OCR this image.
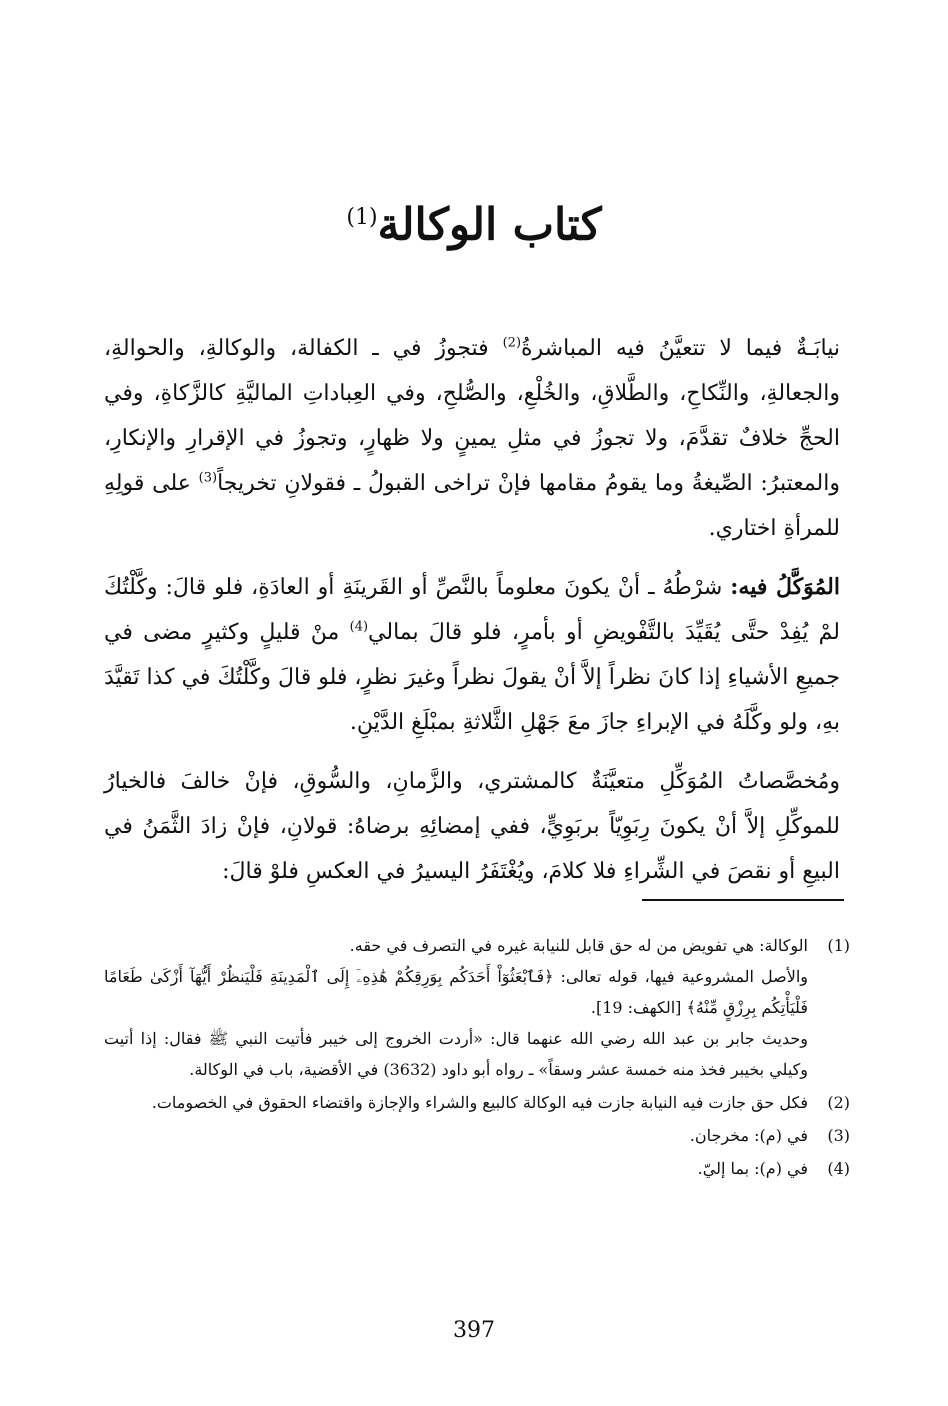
كتاب الوكالة$^{(1)}$

نيابَـةٌ فيما لا تتعيَّنُ فيه المباشرةُ$^{(2)}$ فتجوزُ في ـ الكفالة، والوكالةِ، والحوالةِ، والجعالةِ، والنِّكاحِ، والطَّلاقِ، والخُلْعِ، والصُّلحِ، وفي العِباداتِ الماليَّةِ كالزَّكاةِ، وفي الحجِّ خلافٌ تقدَّمَ، ولا تجوزُ في مثلِ يمينٍ ولا ظهارٍ، وتجوزُ في الإقرارِ والإنكارِ، والمعتبرُ: الصِّيغةُ وما يقومُ مقامها فإنْ تراخى القبولُ ـ فقولانِ تخريجاً$^{(3)}$ على قولِهِ للمرأةِ اختاري.

المُوَكَّلُ فيه: شرْطُهُ ـ أنْ يكونَ معلوماً بالنَّصِّ أو القَرينَةِ أو العادَةِ، فلو قالَ: وكَّلْتُكَ لمْ يُفِدْ حتَّى يُقَيِّدَ بالتَّفْويضِ أو بأمرٍ، فلو قالَ بمالي$^{(4)}$ منْ قليلٍ وكثيرٍ مضى في جميعِ الأشياءِ إذا كانَ نظراً إلاَّ أنْ يقولَ نظراً وغيرَ نظرٍ، فلو قالَ وكَّلْتُكَ في كذا تَقيَّدَ بهِ، ولو وكَّلَهُ في الإبراءِ جازَ معَ جَهْلِ الثَّلاثةِ بمبْلَغِ الدَّيْنِ.

ومُخصَّصاتُ المُوَكِّلِ متعيَّنَةٌ كالمشتري، والزَّمانِ، والسُّوقِ، فإنْ خالفَ فالخيارُ للموكِّلِ إلاَّ أنْ يكونَ رِبَوِيّاً بربَوِيٍّ، ففي إمضائِهِ برضاهُ: قولانِ، فإنْ زادَ الثَّمَنُ في البيعِ أو نقصَ في الشِّراءِ فلا كلامَ، ويُغْتَفَرُ اليسيرُ في العكسِ فلوْ قالَ:

(1)
الوكالة: هي تفويض من له حق قابل للنيابة غيره في التصرف في حقه.
والأصل المشروعية فيها، قوله تعالى: ﴿فَٱبْعَثُوٓاْ أَحَدَكُم بِوَرِقِكُمْ هَٰذِهِۦٓ إِلَى ٱلْمَدِينَةِ فَلْيَنظُرْ أَيُّهَآ أَزْكَىٰ طَعَامًا فَلْيَأْتِكُم بِرِزْقٍ مِّنْهُ﴾ [الكهف: 19].
وحديث جابر بن عبد الله رضي الله عنهما قال: «أردت الخروج إلى خيبر فأتيت النبي ﷺ فقال: إذا أتيت وكيلي بخيبر فخذ منه خمسة عشر وسقاً» ـ رواه أبو داود (3632) في الأقضية، باب في الوكالة.
(2)
فكل حق جازت فيه النيابة جازت فيه الوكالة كالبيع والشراء والإجازة واقتضاء الحقوق في الخصومات.
(3)
في (م): مخرجان.
(4)
في (م): بما إليّ.
397
